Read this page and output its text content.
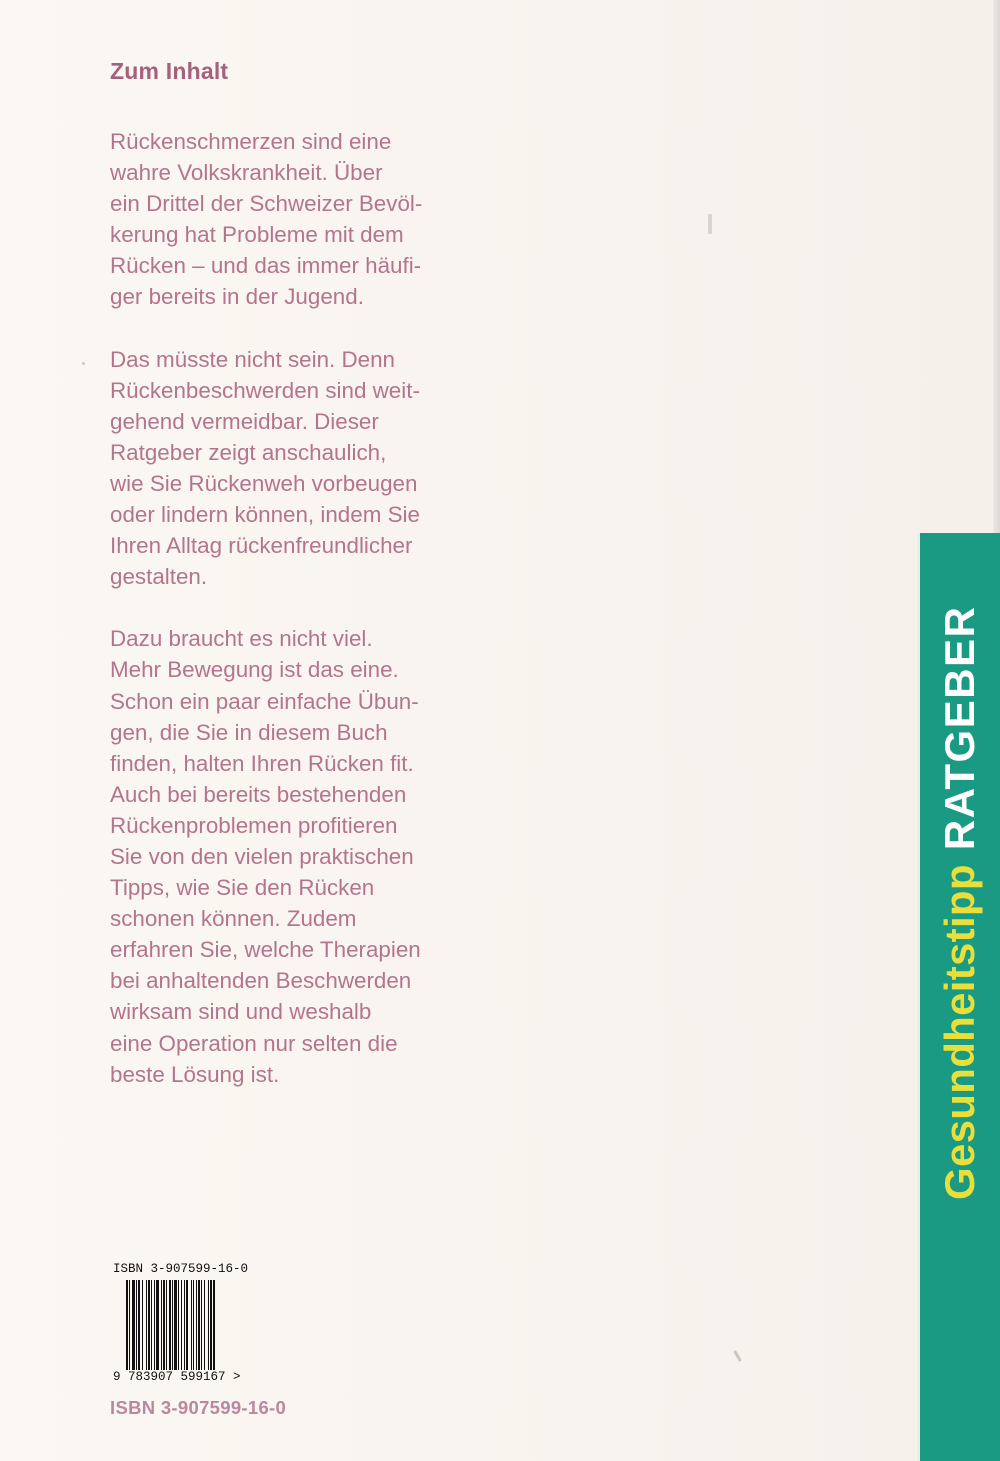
Zum Inhalt

Rückenschmerzen sind eine
wahre Volkskrankheit. Über
ein Drittel der Schweizer Bevöl-
kerung hat Probleme mit dem
Rücken – und das immer häufi-
ger bereits in der Jugend.

Das müsste nicht sein. Denn
Rückenbeschwerden sind weit-
gehend vermeidbar. Dieser
Ratgeber zeigt anschaulich,
wie Sie Rückenweh vorbeugen
oder lindern können, indem Sie
Ihren Alltag rückenfreundlicher
gestalten.

Dazu braucht es nicht viel.
Mehr Bewegung ist das eine.
Schon ein paar einfache Übun-
gen, die Sie in diesem Buch
finden, halten Ihren Rücken fit.
Auch bei bereits bestehenden
Rückenproblemen profitieren
Sie von den vielen praktischen
Tipps, wie Sie den Rücken
schonen können. Zudem
erfahren Sie, welche Therapien
bei anhaltenden Beschwerden
wirksam sind und weshalb
eine Operation nur selten die
beste Lösung ist.	GesundheitstippRATGEBER
ISBN 3-907599-16-0
9 783907 599167 >
ISBN 3-907599-16-0
